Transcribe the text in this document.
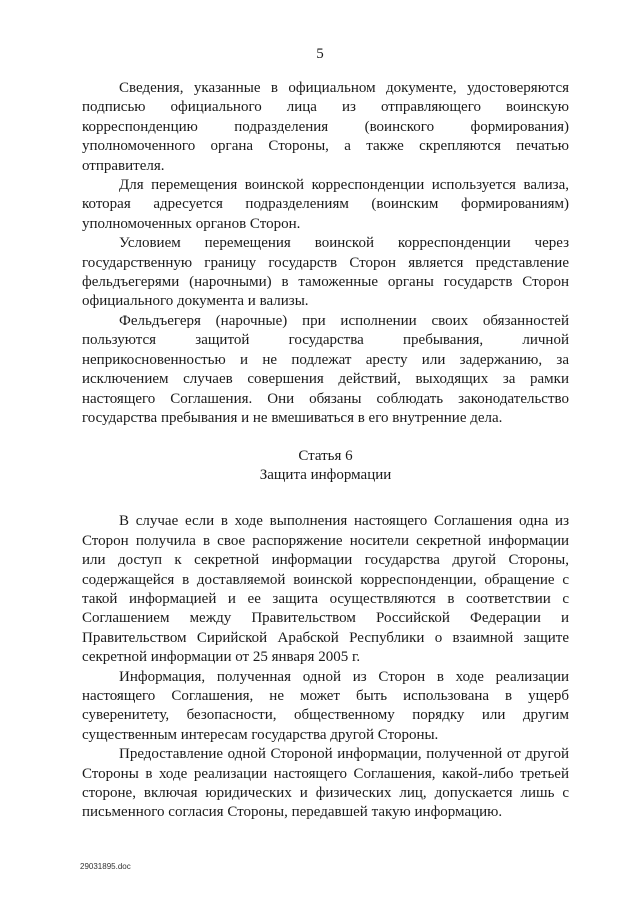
5

Сведения, указанные в официальном документе, удостоверяются подписью официального лица из отправляющего воинскую корреспонденцию подразделения (воинского формирования) уполномоченного органа Стороны, а также скрепляются печатью отправителя.

Для перемещения воинской корреспонденции используется вализа, которая адресуется подразделениям (воинским формированиям) уполномоченных органов Сторон.

Условием перемещения воинской корреспонденции через государственную границу государств Сторон является представление фельдъегерями (нарочными) в таможенные органы государств Сторон официального документа и вализы.

Фельдъегеря (нарочные) при исполнении своих обязанностей пользуются защитой государства пребывания, личной неприкосновенностью и не подлежат аресту или задержанию, за исключением случаев совершения действий, выходящих за рамки настоящего Соглашения. Они обязаны соблюдать законодательство государства пребывания и не вмешиваться в его внутренние дела.

Статья 6

Защита информации

В случае если в ходе выполнения настоящего Соглашения одна из Сторон получила в свое распоряжение носители секретной информации или доступ к секретной информации государства другой Стороны, содержащейся в доставляемой воинской корреспонденции, обращение с такой информацией и ее защита осуществляются в соответствии с Соглашением между Правительством Российской Федерации и Правительством Сирийской Арабской Республики о взаимной защите секретной информации от 25 января 2005 г.

Информация, полученная одной из Сторон в ходе реализации настоящего Соглашения, не может быть использована в ущерб суверенитету, безопасности, общественному порядку или другим существенным интересам государства другой Стороны.

Предоставление одной Стороной информации, полученной от другой Стороны в ходе реализации настоящего Соглашения, какой-либо третьей стороне, включая юридических и физических лиц, допускается лишь с письменного согласия Стороны, передавшей такую информацию.

29031895.doc
